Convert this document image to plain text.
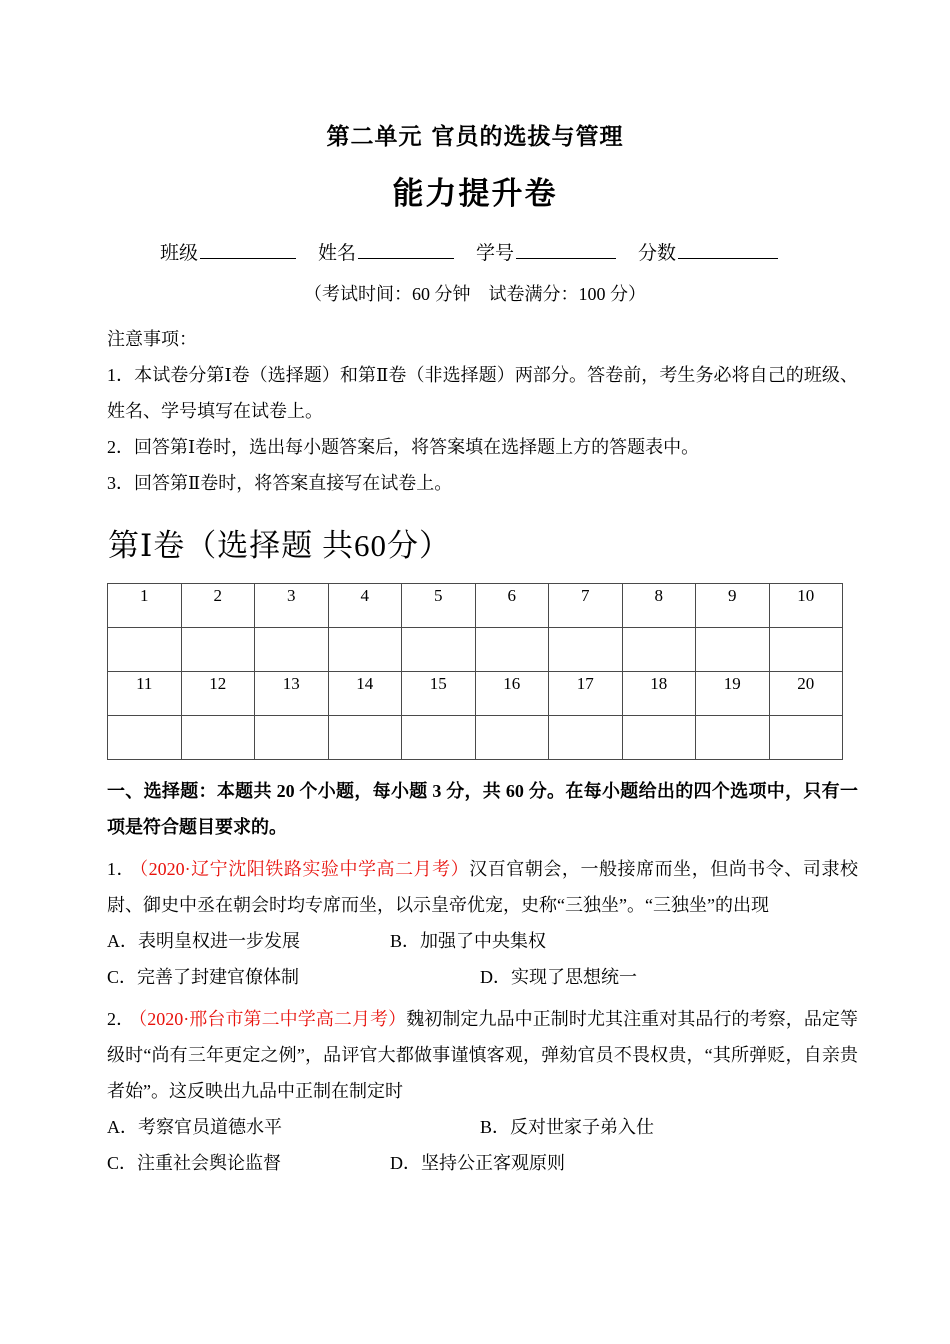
第二单元 官员的选拔与管理
能力提升卷

班级	姓名	学号	分数

（考试时间：60 分钟　试卷满分：100 分）

注意事项：

1．本试卷分第Ⅰ卷（选择题）和第Ⅱ卷（非选择题）两部分。答卷前，考生务必将自己的班级、姓名、学号填写在试卷上。

2．回答第Ⅰ卷时，选出每小题答案后，将答案填在选择题上方的答题表中。

3．回答第Ⅱ卷时，将答案直接写在试卷上。

第Ⅰ卷（选择题 共60分）

1	2	3	4	5	6	7	8	9	10

11	12	13	14	15	16	17	18	19	20

一、选择题：本题共 20 个小题，每小题 3 分，共 60 分。在每小题给出的四个选项中，只有一项是符合题目要求的。

1． （2020·辽宁沈阳铁路实验中学高二月考）汉百官朝会，一般接席而坐，但尚书令、司隶校尉、御史中丞在朝会时均专席而坐，以示皇帝优宠，史称“三独坐”。“三独坐”的出现

A．表明皇权进一步发展	B．加强了中央集权
C．完善了封建官僚体制	D．实现了思想统一

2． （2020·邢台市第二中学高二月考）魏初制定九品中正制时尤其注重对其品行的考察，品定等级时“尚有三年更定之例”，品评官大都做事谨慎客观，弹劾官员不畏权贵，“其所弹贬，自亲贵者始”。这反映出九品中正制在制定时

A．考察官员道德水平	B．反对世家子弟入仕
C．注重社会舆论监督	D．坚持公正客观原则
